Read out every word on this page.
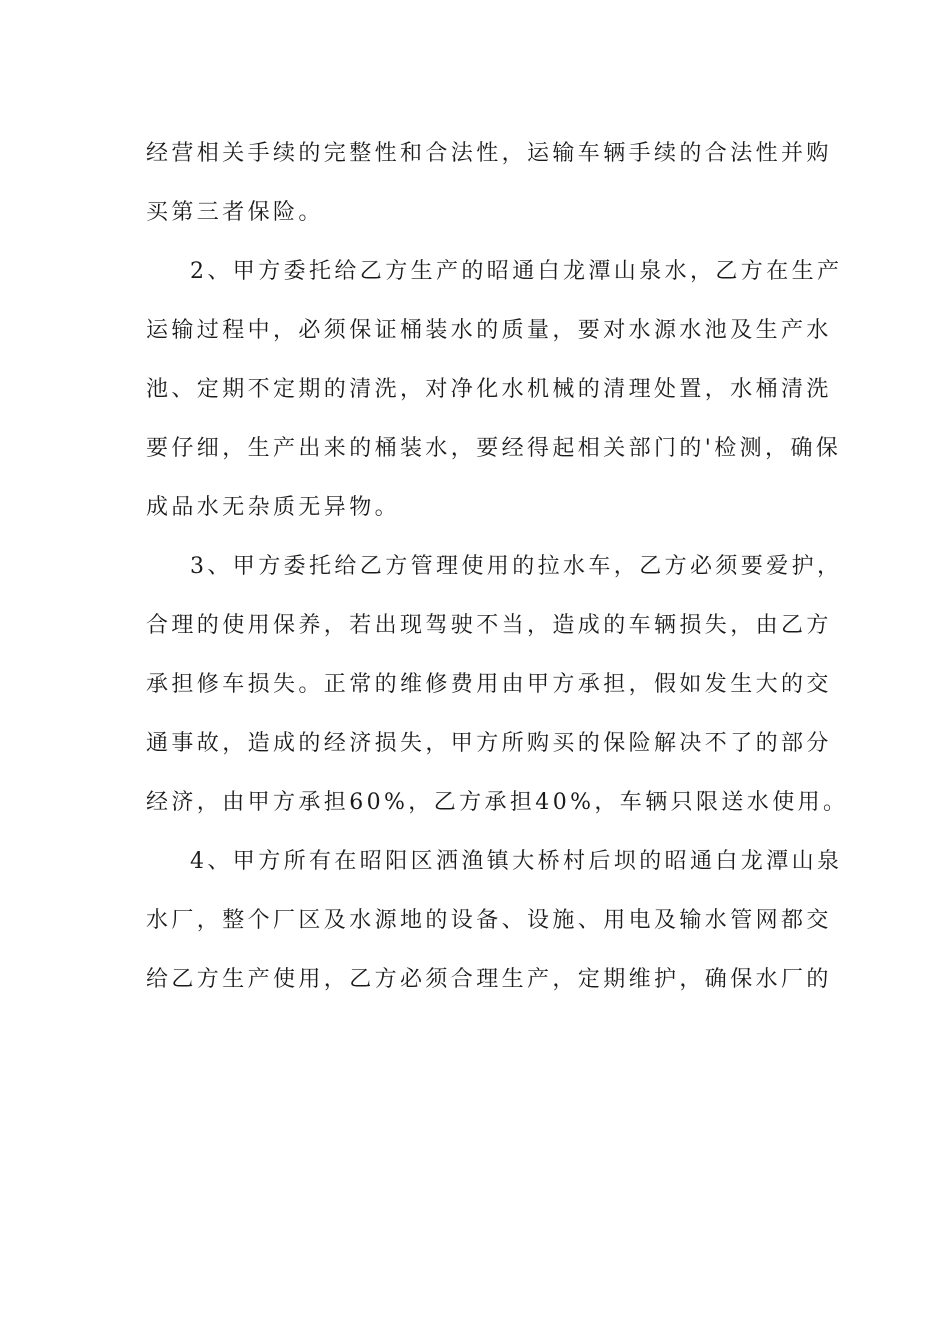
经营相关手续的完整性和合法性，运输车辆手续的合法性并购
买第三者保险。
2、甲方委托给乙方生产的昭通白龙潭山泉水，乙方在生产
运输过程中，必须保证桶装水的质量，要对水源水池及生产水
池、定期不定期的清洗，对净化水机械的清理处置，水桶清洗
要仔细，生产出来的桶装水，要经得起相关部门的'检测，确保
成品水无杂质无异物。
3、甲方委托给乙方管理使用的拉水车，乙方必须要爱护，
合理的使用保养，若出现驾驶不当，造成的车辆损失，由乙方
承担修车损失。正常的维修费用由甲方承担，假如发生大的交
通事故，造成的经济损失，甲方所购买的保险解决不了的部分
经济，由甲方承担60%，乙方承担40%，车辆只限送水使用。
4、甲方所有在昭阳区洒渔镇大桥村后坝的昭通白龙潭山泉
水厂，整个厂区及水源地的设备、设施、用电及输水管网都交
给乙方生产使用，乙方必须合理生产，定期维护，确保水厂的
